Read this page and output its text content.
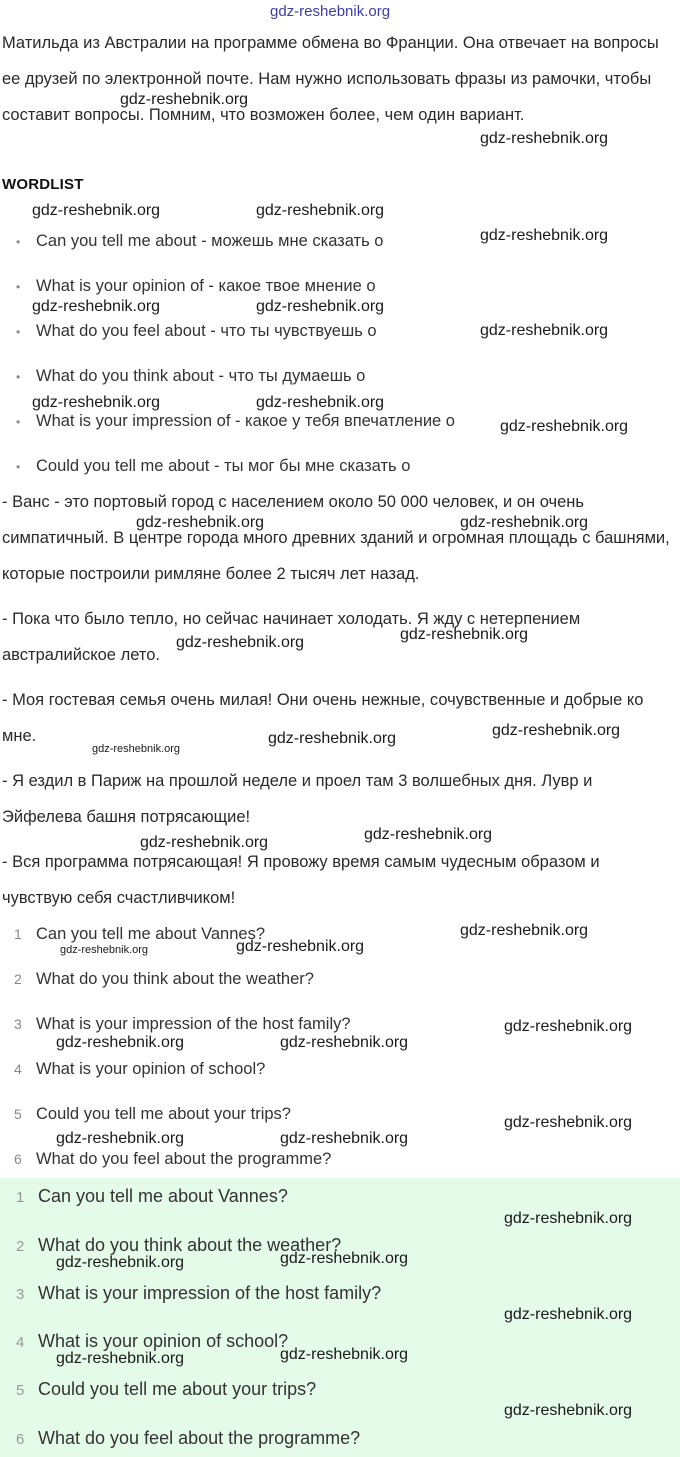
gdz-reshebnik.org

Матильда из Австралии на программе обмена во Франции. Она отвечает на вопросы ее друзей по электронной почте. Нам нужно использовать фразы из рамочки, чтобы составит вопросы. Помним, что возможен более, чем один вариант.

WORDLIST
• Can you tell me about - можешь мне сказать о
• What is your opinion of - какое твое мнение о
• What do you feel about - что ты чувствуешь о
• What do you think about - что ты думаешь о
• What is your impression of - какое у тебя впечатление о
• Could you tell me about - ты мог бы мне сказать о

- Ванс - это портовый город с населением около 50 000 человек, и он очень симпатичный. В центре города много древних зданий и огромная площадь с башнями, которые построили римляне более 2 тысяч лет назад.

- Пока что было тепло, но сейчас начинает холодать. Я жду с нетерпением австралийское лето.

- Моя гостевая семья очень милая! Они очень нежные, сочувственные и добрые ко мне.

- Я ездил в Париж на прошлой неделе и проел там 3 волшебных дня. Лувр и Эйфелева башня потрясающие!

- Вся программа потрясающая! Я провожу время самым чудесным образом и чувствую себя счастливчиком!

1 Can you tell me about Vannes?
2 What do you think about the weather?
3 What is your impression of the host family?
4 What is your opinion of school?
5 Could you tell me about your trips?
6 What do you feel about the programme?
1 Can you tell me about Vannes?
2 What do you think about the weather?
3 What is your impression of the host family?
4 What is your opinion of school?
5 Could you tell me about your trips?
6 What do you feel about the programme?
gdz-reshebnik.org
gdz-reshebnik.org
gdz-reshebnik.org	gdz-reshebnik.org
gdz-reshebnik.org
gdz-reshebnik.org	gdz-reshebnik.org
gdz-reshebnik.org
gdz-reshebnik.org	gdz-reshebnik.org
gdz-reshebnik.org
gdz-reshebnik.org	gdz-reshebnik.org
gdz-reshebnik.org
gdz-reshebnik.org
gdz-reshebnik.org
gdz-reshebnik.org
gdz-reshebnik.org
gdz-reshebnik.org
gdz-reshebnik.org
gdz-reshebnik.org
gdz-reshebnik.org
gdz-reshebnik.org
gdz-reshebnik.org
gdz-reshebnik.org	gdz-reshebnik.org
gdz-reshebnik.org
gdz-reshebnik.org	gdz-reshebnik.org
gdz-reshebnik.org
gdz-reshebnik.org
gdz-reshebnik.org
gdz-reshebnik.org
gdz-reshebnik.org
gdz-reshebnik.org
gdz-reshebnik.org
